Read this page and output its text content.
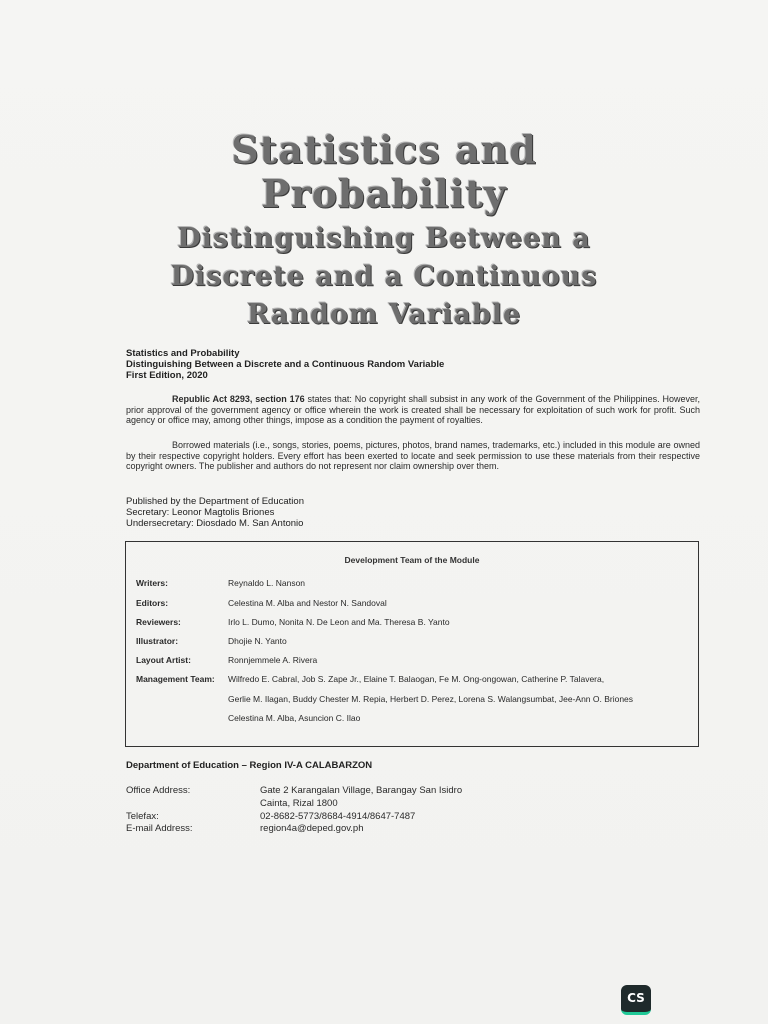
Statistics and
Probability
Distinguishing Between a
Discrete and a Continuous
Random Variable
Statistics and Probability
Distinguishing Between a Discrete and a Continuous Random Variable
First Edition, 2020
Republic Act 8293, section 176 states that: No copyright shall subsist in any work of the Government of the Philippines. However, prior approval of the government agency or office wherein the work is created shall be necessary for exploitation of such work for profit. Such agency or office may, among other things, impose as a condition the payment of royalties.
Borrowed materials (i.e., songs, stories, poems, pictures, photos, brand names, trademarks, etc.) included in this module are owned by their respective copyright holders. Every effort has been exerted to locate and seek permission to use these materials from their respective copyright owners. The publisher and authors do not represent nor claim ownership over them.
Published by the Department of Education
Secretary: Leonor Magtolis Briones
Undersecretary: Diosdado M. San Antonio
Development Team of the Module
Writers:	Reynaldo L. Nanson
Editors:	Celestina M. Alba and Nestor N. Sandoval
Reviewers:	Irlo L. Dumo, Nonita N. De Leon and Ma. Theresa B. Yanto
Illustrator:	Dhojie N. Yanto
Layout Artist:	Ronnjemmele A. Rivera
Management Team: Wilfredo E. Cabral, Job S. Zape Jr., Elaine T. Balaogan, Fe M. Ong-ongowan, Catherine P. Talavera,
Gerlie M. Ilagan, Buddy Chester M. Repia, Herbert D. Perez, Lorena S. Walangsumbat, Jee-Ann O. Briones
Celestina M. Alba, Asuncion C. Ilao
Department of Education – Region IV-A CALABARZON
Office Address:	Gate 2 Karangalan Village, Barangay San Isidro
Cainta, Rizal 1800
Telefax:	02-8682-5773/8684-4914/8647-7487
E-mail Address:	region4a@deped.gov.ph
CS
